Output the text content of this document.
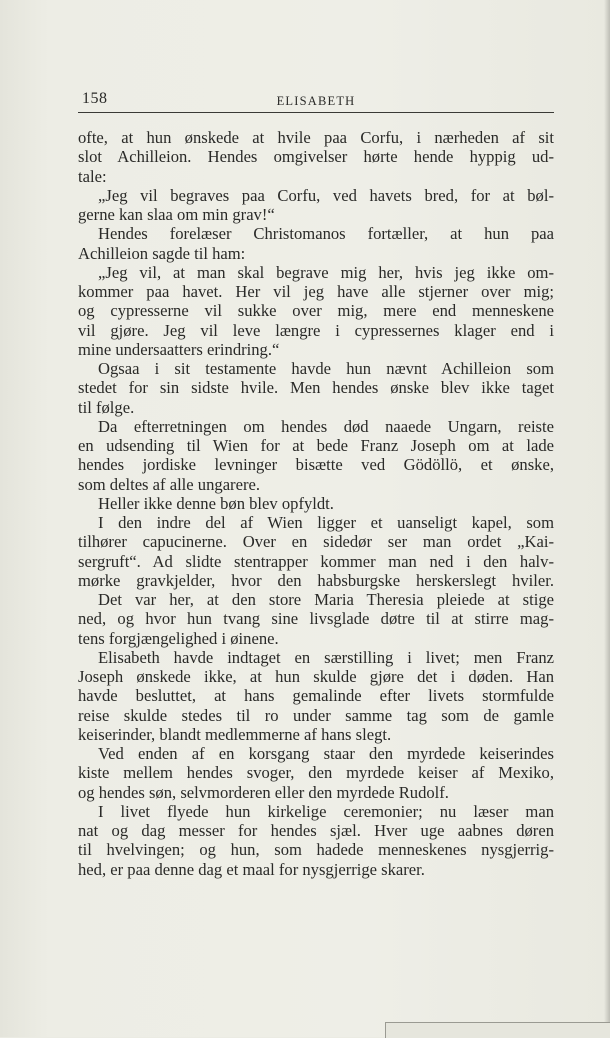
158	ELISABETH
ofte, at hun ønskede at hvile paa Corfu, i nærheden af sit
slot Achilleion. Hendes omgivelser hørte hende hyppig ud-
tale:
„Jeg vil begraves paa Corfu, ved havets bred, for at bøl-
gerne kan slaa om min grav!“
Hendes forelæser Christomanos fortæller, at hun paa
Achilleion sagde til ham:
„Jeg vil, at man skal begrave mig her, hvis jeg ikke om-
kommer paa havet. Her vil jeg have alle stjerner over mig;
og cypresserne vil sukke over mig, mere end menneskene
vil gjøre. Jeg vil leve længre i cypressernes klager end i
mine undersaatters erindring.“
Ogsaa i sit testamente havde hun nævnt Achilleion som
stedet for sin sidste hvile. Men hendes ønske blev ikke taget
til følge.
Da efterretningen om hendes død naaede Ungarn, reiste
en udsending til Wien for at bede Franz Joseph om at lade
hendes jordiske levninger bisætte ved Gödöllö, et ønske,
som deltes af alle ungarere.
Heller ikke denne bøn blev opfyldt.
I den indre del af Wien ligger et uanseligt kapel, som
tilhører capucinerne. Over en sidedør ser man ordet „Kai-
sergruft“. Ad slidte stentrapper kommer man ned i den halv-
mørke gravkjelder, hvor den habsburgske herskerslegt hviler.
Det var her, at den store Maria Theresia pleiede at stige
ned, og hvor hun tvang sine livsglade døtre til at stirre mag-
tens forgjængelighed i øinene.
Elisabeth havde indtaget en særstilling i livet; men Franz
Joseph ønskede ikke, at hun skulde gjøre det i døden. Han
havde besluttet, at hans gemalinde efter livets stormfulde
reise skulde stedes til ro under samme tag som de gamle
keiserinder, blandt medlemmerne af hans slegt.
Ved enden af en korsgang staar den myrdede keiserindes
kiste mellem hendes svoger, den myrdede keiser af Mexiko,
og hendes søn, selvmorderen eller den myrdede Rudolf.
I livet flyede hun kirkelige ceremonier; nu læser man
nat og dag messer for hendes sjæl. Hver uge aabnes døren
til hvelvingen; og hun, som hadede menneskenes nysgjerrig-
hed, er paa denne dag et maal for nysgjerrige skarer.
